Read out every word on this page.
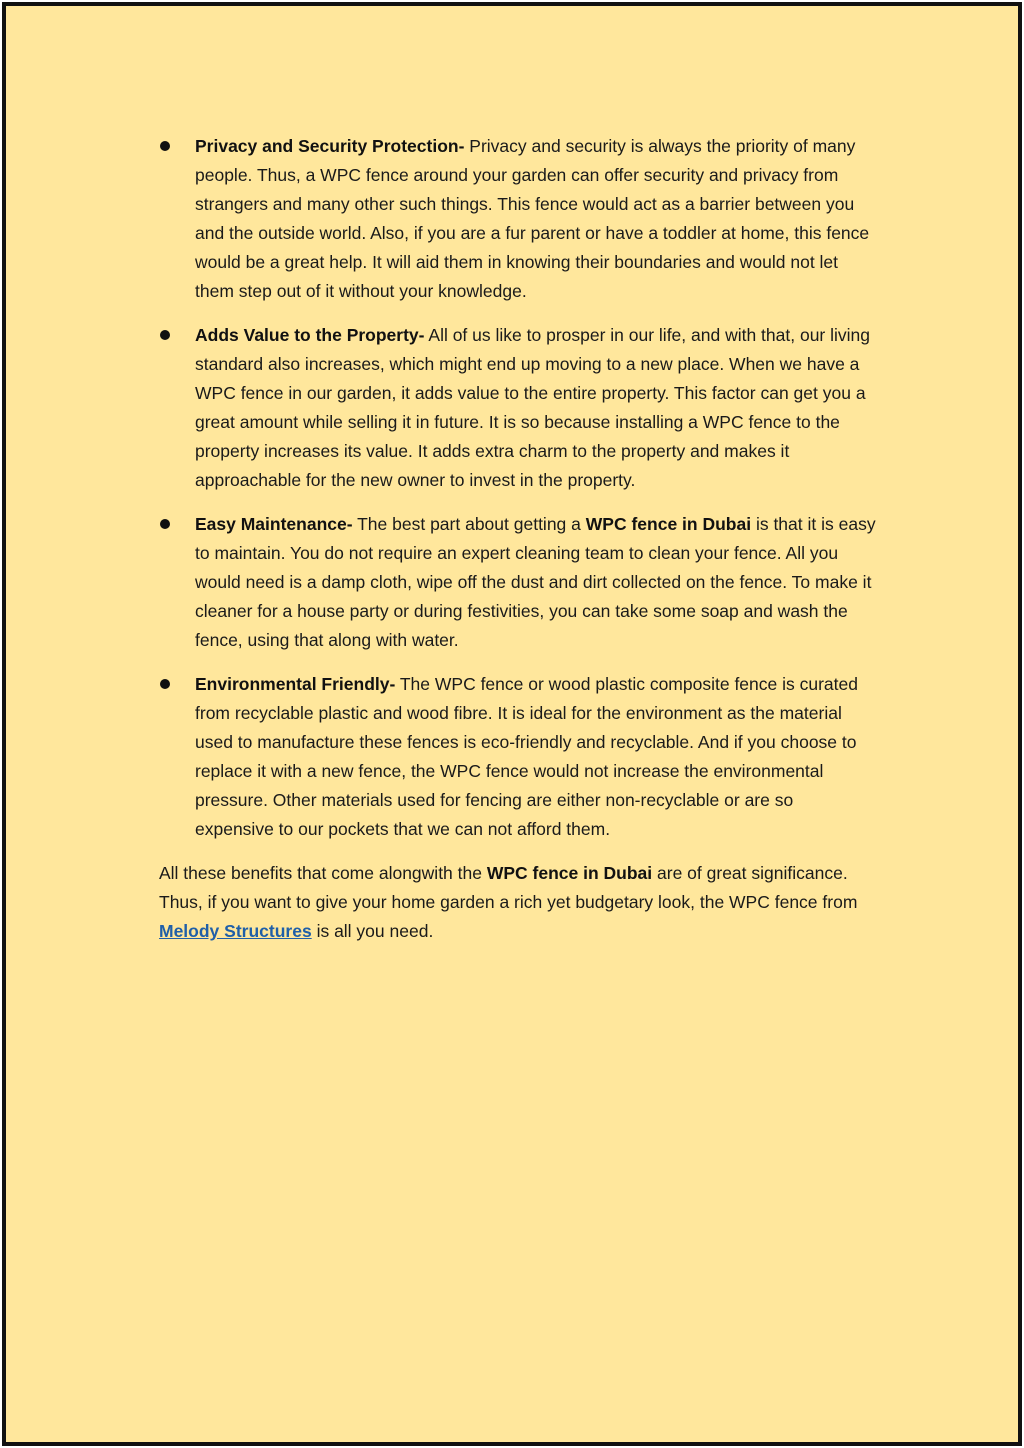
Privacy and Security Protection- Privacy and security is always the priority of many people. Thus, a WPC fence around your garden can offer security and privacy from strangers and many other such things. This fence would act as a barrier between you and the outside world. Also, if you are a fur parent or have a toddler at home, this fence would be a great help. It will aid them in knowing their boundaries and would not let them step out of it without your knowledge.
Adds Value to the Property- All of us like to prosper in our life, and with that, our living standard also increases, which might end up moving to a new place. When we have a WPC fence in our garden, it adds value to the entire property. This factor can get you a great amount while selling it in future. It is so because installing a WPC fence to the property increases its value. It adds extra charm to the property and makes it approachable for the new owner to invest in the property.
Easy Maintenance- The best part about getting a WPC fence in Dubai is that it is easy to maintain. You do not require an expert cleaning team to clean your fence. All you would need is a damp cloth, wipe off the dust and dirt collected on the fence. To make it cleaner for a house party or during festivities, you can take some soap and wash the fence, using that along with water.
Environmental Friendly- The WPC fence or wood plastic composite fence is curated from recyclable plastic and wood fibre. It is ideal for the environment as the material used to manufacture these fences is eco-friendly and recyclable. And if you choose to replace it with a new fence, the WPC fence would not increase the environmental pressure. Other materials used for fencing are either non-recyclable or are so expensive to our pockets that we can not afford them.

All these benefits that come alongwith the WPC fence in Dubai are of great significance. Thus, if you want to give your home garden a rich yet budgetary look, the WPC fence from Melody Structures is all you need.
